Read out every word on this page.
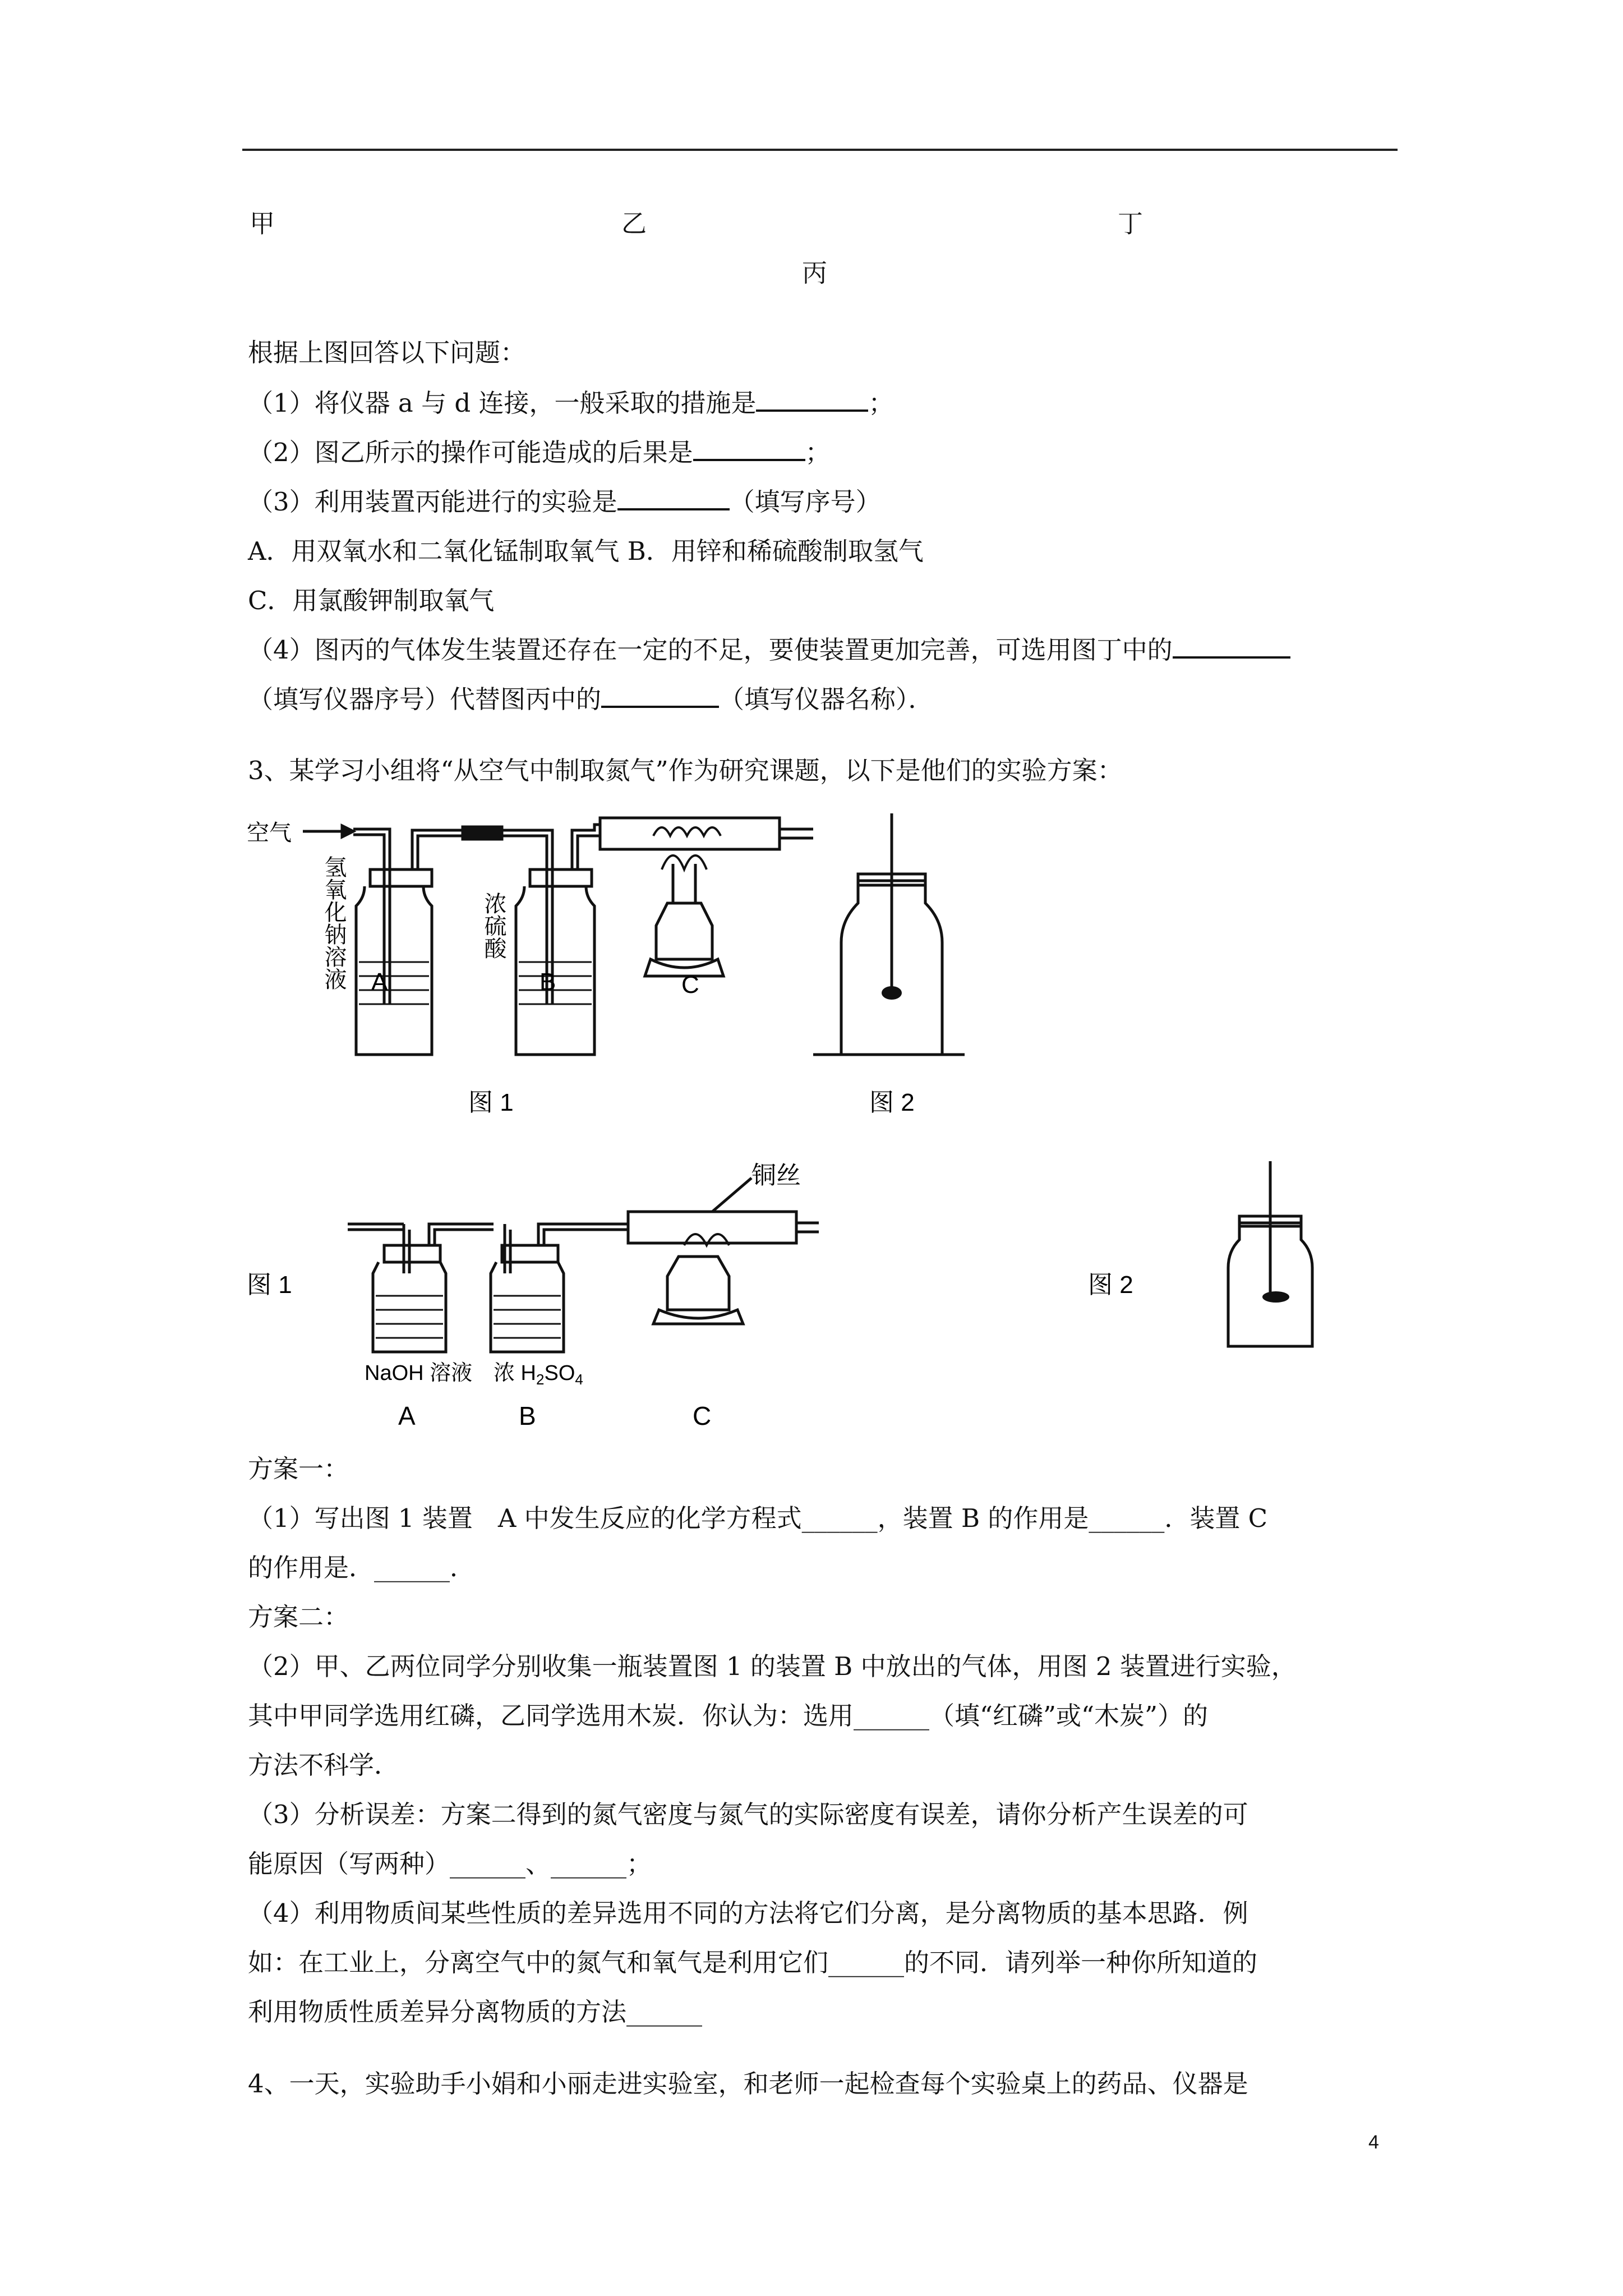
甲	乙	丁
丙
根据上图回答以下问题：
（1）将仪器 a 与 d 连接，一般采取的措施是	；
（2）图乙所示的操作可能造成的后果是	；
（3）利用装置丙能进行的实验是	（填写序号）
A．用双氧水和二氧化锰制取氧气 B．用锌和稀硫酸制取氢气
C．用氯酸钾制取氧气
（4）图丙的气体发生装置还存在一定的不足，要使装置更加完善，可选用图丁中的
（填写仪器序号）代替图丙中的	（填写仪器名称）．
3、某学习小组将“从空气中制取氮气”作为研究课题，以下是他们的实验方案：
空气
A	B	C
图 1	图 2
氢氧化钠溶液	浓硫酸
铜丝
图 1	图 2
NaOH 溶液 浓 $H_2SO_4$
A	B	C
方案一：
（1）写出图 1 装置　A 中发生反应的化学方程式______，装置 B 的作用是______．装置 C
的作用是．______．
方案二：
（2）甲、乙两位同学分别收集一瓶装置图 1 的装置 B 中放出的气体，用图 2 装置进行实验，
其中甲同学选用红磷，乙同学选用木炭．你认为：选用______（填“红磷”或“木炭”）的
方法不科学．
（3）分析误差：方案二得到的氮气密度与氮气的实际密度有误差，请你分析产生误差的可
能原因（写两种）______、______；
（4）利用物质间某些性质的差异选用不同的方法将它们分离，是分离物质的基本思路．例
如：在工业上，分离空气中的氮气和氧气是利用它们______的不同．请列举一种你所知道的
利用物质性质差异分离物质的方法______
4、一天，实验助手小娟和小丽走进实验室，和老师一起检查每个实验桌上的药品、仪器是
4
